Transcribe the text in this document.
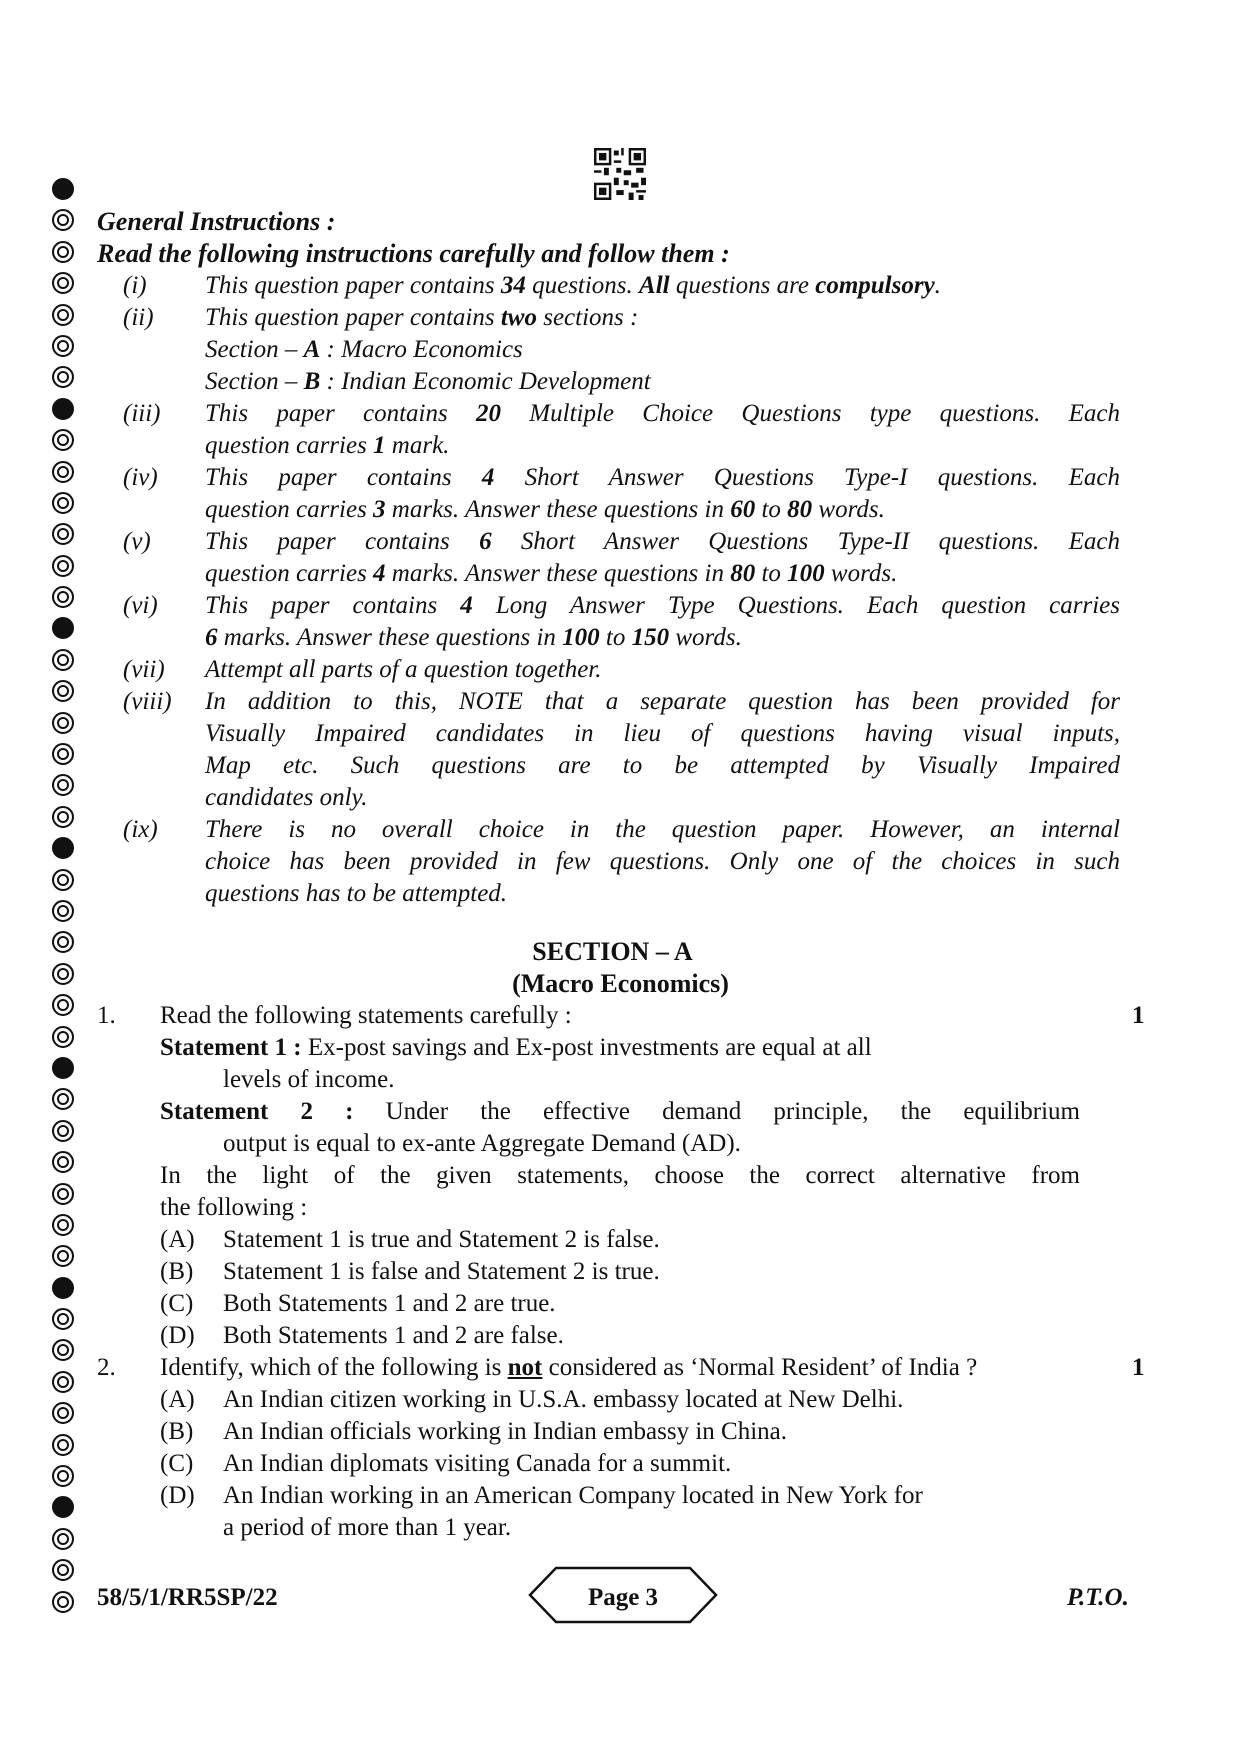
General Instructions :
Read the following instructions carefully and follow them :
(i) This question paper contains 34 questions. All questions are compulsory.
(ii) This question paper contains two sections :
Section – A : Macro Economics
Section – B : Indian Economic Development
(iii) This paper contains 20 Multiple Choice Questions type questions. Each
question carries 1 mark.
(iv) This paper contains 4 Short Answer Questions Type-I questions. Each
question carries 3 marks. Answer these questions in 60 to 80 words.
(v) This paper contains 6 Short Answer Questions Type-II questions. Each
question carries 4 marks. Answer these questions in 80 to 100 words.
(vi) This paper contains 4 Long Answer Type Questions. Each question carries
6 marks. Answer these questions in 100 to 150 words.
(vii) Attempt all parts of a question together.
(viii) In addition to this, NOTE that a separate question has been provided for
Visually Impaired candidates in lieu of questions having visual inputs,
Map etc. Such questions are to be attempted by Visually Impaired
candidates only.
(ix) There is no overall choice in the question paper. However, an internal
choice has been provided in few questions. Only one of the choices in such
questions has to be attempted.
SECTION – A
(Macro Economics)
1. Read the following statements carefully :	1
Statement 1 : Ex-post savings and Ex-post investments are equal at all
levels of income.
Statement 2 : Under the effective demand principle, the equilibrium
output is equal to ex-ante Aggregate Demand (AD).
In the light of the given statements, choose the correct alternative from
the following :
(A) Statement 1 is true and Statement 2 is false.
(B) Statement 1 is false and Statement 2 is true.
(C) Both Statements 1 and 2 are true.
(D) Both Statements 1 and 2 are false.
2. Identify, which of the following is not considered as ‘Normal Resident’ of India ?	1
(A) An Indian citizen working in U.S.A. embassy located at New Delhi.
(B) An Indian officials working in Indian embassy in China.
(C) An Indian diplomats visiting Canada for a summit.
(D) An Indian working in an American Company located in New York for
a period of more than 1 year.
58/5/1/RR5SP/22	Page 3	P.T.O.
